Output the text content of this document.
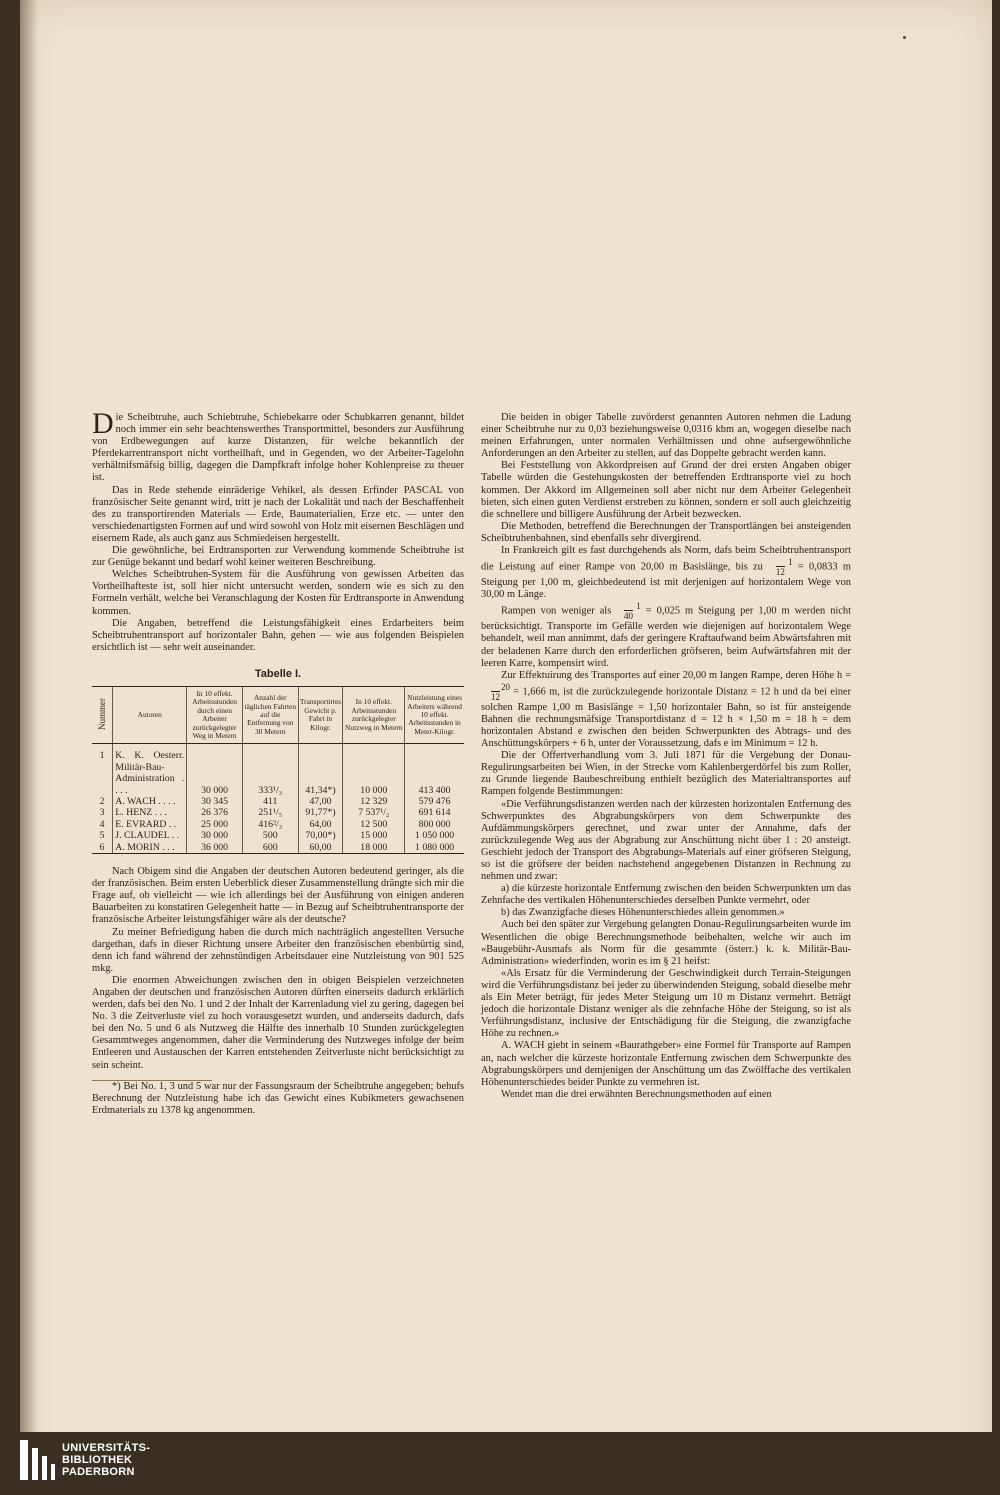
Die Scheibtruhe, auch Schiebtruhe, Schiebekarre oder Schubkarren genannt, bildet noch immer ein sehr beachtenswerthes Transportmittel, besonders zur Ausführung von Erdbewegungen auf kurze Distanzen, für welche bekanntlich der Pferdekarrentransport nicht vortheilhaft, und in Gegenden, wo der Arbeiter-Tagelohn verhältnifsmäfsig billig, dagegen die Dampfkraft infolge hoher Kohlenpreise zu theuer ist.

Das in Rede stehende einräderige Vehikel, als dessen Erfinder PASCAL von französischer Seite genannt wird, tritt je nach der Lokalität und nach der Beschaffenheit des zu transportirenden Materials — Erde, Baumaterialien, Erze etc. — unter den verschiedenartigsten Formen auf und wird sowohl von Holz mit eisernen Beschlägen und eisernem Rade, als auch ganz aus Schmiedeisen hergestellt.

Die gewöhnliche, bei Erdtransporten zur Verwendung kommende Scheibtruhe ist zur Genüge bekannt und bedarf wohl keiner weiteren Beschreibung.

Welches Scheibtruhen-System für die Ausführung von gewissen Arbeiten das Vortheilhafteste ist, soll hier nicht untersucht werden, sondern wie es sich zu den Formeln verhält, welche bei Veranschlagung der Kosten für Erdtransporte in Anwendung kommen.

Die Angaben, betreffend die Leistungsfähigkeit eines Erdarbeiters beim Scheibtruhentransport auf horizontaler Bahn, gehen — wie aus folgenden Beispielen ersichtlich ist — sehr weit auseinander.

Tabelle I.
Nummer	Autoren	In 10 effekt. Arbeitsstunden durch einen Arbeiter zurückgelegter Weg in Metern	Anzahl der täglichen Fahrten auf die Entfernung von 30 Metern	Transportirtes Gewicht p. Fahrt in Kilogr.	In 10 effekt. Arbeitsstunden zurückgelegter Nutzweg in Metern	Nutzleistung eines Arbeiters während 10 effekt. Arbeitsstunden in Meter-Kilogr.
1	K. K. Oesterr. Militär-Bau-Administration . . . .	30 000	333¹/₃	41,34*)	10 000	413 400
2	A. WACH . . . .	30 345	411	47,00	12 329	579 476
3	L. HENZ . . .	26 376	251¹/₅	91,77*)	7 537¹/₂	691 614
4	E. EVRARD . .	25 000	416²/₃	64,00	12 500	800 000
5	J. CLAUDEL . .	30 000	500	70,00*)	15 000	1 050 000
6	A. MORIN . . .	36 000	600	60,00	18 000	1 080 000

Nach Obigem sind die Angaben der deutschen Autoren bedeutend geringer, als die der französischen. Beim ersten Ueberblick dieser Zusammenstellung drängte sich mir die Frage auf, ob vielleicht — wie ich allerdings bei der Ausführung von einigen anderen Bauarbeiten zu konstatiren Gelegenheit hatte — in Bezug auf Scheibtruhentransporte der französische Arbeiter leistungsfähiger wäre als der deutsche?

Zu meiner Befriedigung haben die durch mich nachträglich angestellten Versuche dargethan, dafs in dieser Richtung unsere Arbeiter den französischen ebenbürtig sind, denn ich fand während der zehnstündigen Arbeitsdauer eine Nutzleistung von 901 525 mkg.

Die enormen Abweichungen zwischen den in obigen Beispielen verzeichneten Angaben der deutschen und französischen Autoren dürften einerseits dadurch erklärlich werden, dafs bei den No. 1 und 2 der Inhalt der Karrenladung viel zu gering, dagegen bei No. 3 die Zeitverluste viel zu hoch vorausgesetzt wurden, und anderseits dadurch, dafs bei den No. 5 und 6 als Nutzweg die Hälfte des innerhalb 10 Stunden zurückgelegten Gesammtweges angenommen, daher die Verminderung des Nutzweges infolge der beim Entleeren und Austauschen der Karren entstehenden Zeitverluste nicht berücksichtigt zu sein scheint.

*) Bei No. 1, 3 und 5 war nur der Fassungsraum der Scheibtruhe angegeben; behufs Berechnung der Nutzleistung habe ich das Gewicht eines Kubikmeters gewachsenen Erdmaterials zu 1378 kg angenommen.

Die beiden in obiger Tabelle zuvörderst genannten Autoren nehmen die Ladung einer Scheibtruhe nur zu 0,03 beziehungsweise 0,0316 kbm an, wogegen dieselbe nach meinen Erfahrungen, unter normalen Verhältnissen und ohne aufsergewöhnliche Anforderungen an den Arbeiter zu stellen, auf das Doppelte gebracht werden kann.

Bei Feststellung von Akkordpreisen auf Grund der drei ersten Angaben obiger Tabelle würden die Gestehungskosten der betreffenden Erdtransporte viel zu hoch kommen. Der Akkord im Allgemeinen soll aber nicht nur dem Arbeiter Gelegenheit bieten, sich einen guten Verdienst erstreben zu können, sondern er soll auch gleichzeitig die schnellere und billigere Ausführung der Arbeit bezwecken.

Die Methoden, betreffend die Berechnungen der Transportlängen bei ansteigenden Scheibtruhenbahnen, sind ebenfalls sehr divergirend.

In Frankreich gilt es fast durchgehends als Norm, dafs beim Scheibtruhentransport die Leistung auf einer Rampe von 20,00 m Basislänge, bis zu	1
12 = 0,0833 m Steigung per 1,00 m, gleichbedeutend ist mit derjenigen auf horizontalem Wege von 30,00 m Länge.

Rampen von weniger als	1
40 = 0,025 m Steigung per 1,00 m werden nicht berücksichtigt. Transporte im Gefälle werden wie diejenigen auf horizontalem Wege behandelt, weil man annimmt, dafs der geringere Kraftaufwand beim Abwärtsfahren mit der beladenen Karre durch den erforderlichen gröfseren, beim Aufwärtsfahren mit der leeren Karre, kompensirt wird.

Zur Effektuirung des Transportes auf einer 20,00 m langen Rampe, deren Höhe h = 20
12 = 1,666 m, ist die zurückzulegende horizontale Distanz = 12 h und da bei einer solchen Rampe 1,00 m Basislänge = 1,50 horizontaler Bahn, so ist für ansteigende Bahnen die rechnungsmäfsige Transportdistanz d = 12 h × 1,50 m = 18 h = dem horizontalen Abstand e zwischen den beiden Schwerpunkten des Abtrags- und des Anschüttungskörpers + 6 h, unter der Voraussetzung, dafs e im Minimum = 12 h.

Die der Offertverhandlung vom 3. Juli 1871 für die Vergebung der Donau-Regulirungsarbeiten bei Wien, in der Strecke vom Kahlenbergerdörfel bis zum Roller, zu Grunde liegende Baubeschreibung enthielt bezüglich des Materialtransportes auf Rampen folgende Bestimmungen:

«Die Verführungsdistanzen werden nach der kürzesten horizontalen Entfernung des Schwerpunktes des Abgrabungskörpers von dem Schwerpunkte des Aufdämmungskörpers gerechnet, und zwar unter der Annahme, dafs der zurückzulegende Weg aus der Abgrabung zur Anschüttung nicht über 1 : 20 ansteigt. Geschieht jedoch der Transport des Abgrabungs-Materials auf einer gröfseren Steigung, so ist die gröfsere der beiden nachstehend angegebenen Distanzen in Rechnung zu nehmen und zwar:

a) die kürzeste horizontale Entfernung zwischen den beiden Schwerpunkten um das Zehnfache des vertikalen Höhenunterschiedes derselben Punkte vermehrt, oder

b) das Zwanzigfache dieses Höhenunterschiedes allein genommen.»

Auch bei den später zur Vergebung gelangten Donau-Regulirungsarbeiten wurde im Wesentlichen die obige Berechnungsmethode beibehalten, welche wir auch im «Baugebühr-Ausmafs als Norm für die gesammte (österr.) k. k. Militär-Bau-Administration» wiederfinden, worin es im § 21 heifst:

«Als Ersatz für die Verminderung der Geschwindigkeit durch Terrain-Steigungen wird die Verführungsdistanz bei jeder zu überwindenden Steigung, sobald dieselbe mehr als Ein Meter beträgt, für jedes Meter Steigung um 10 m Distanz vermehrt. Beträgt jedoch die horizontale Distanz weniger als die zehnfache Höhe der Steigung, so ist als Verführungsdistanz, inclusive der Entschädigung für die Steigung, die zwanzigfache Höhe zu rechnen.»

A. WACH giebt in seinem «Baurathgeber» eine Formel für Transporte auf Rampen an, nach welcher die kürzeste horizontale Entfernung zwischen dem Schwerpunkte des Abgrabungskörpers und demjenigen der Anschüttung um das Zwölffache des vertikalen Höhenunterschiedes beider Punkte zu vermehren ist.

Wendet man die drei erwähnten Berechnungsmethoden auf einen

UNIVERSITÄTS-
BIBLIOTHEK
PADERBORN
